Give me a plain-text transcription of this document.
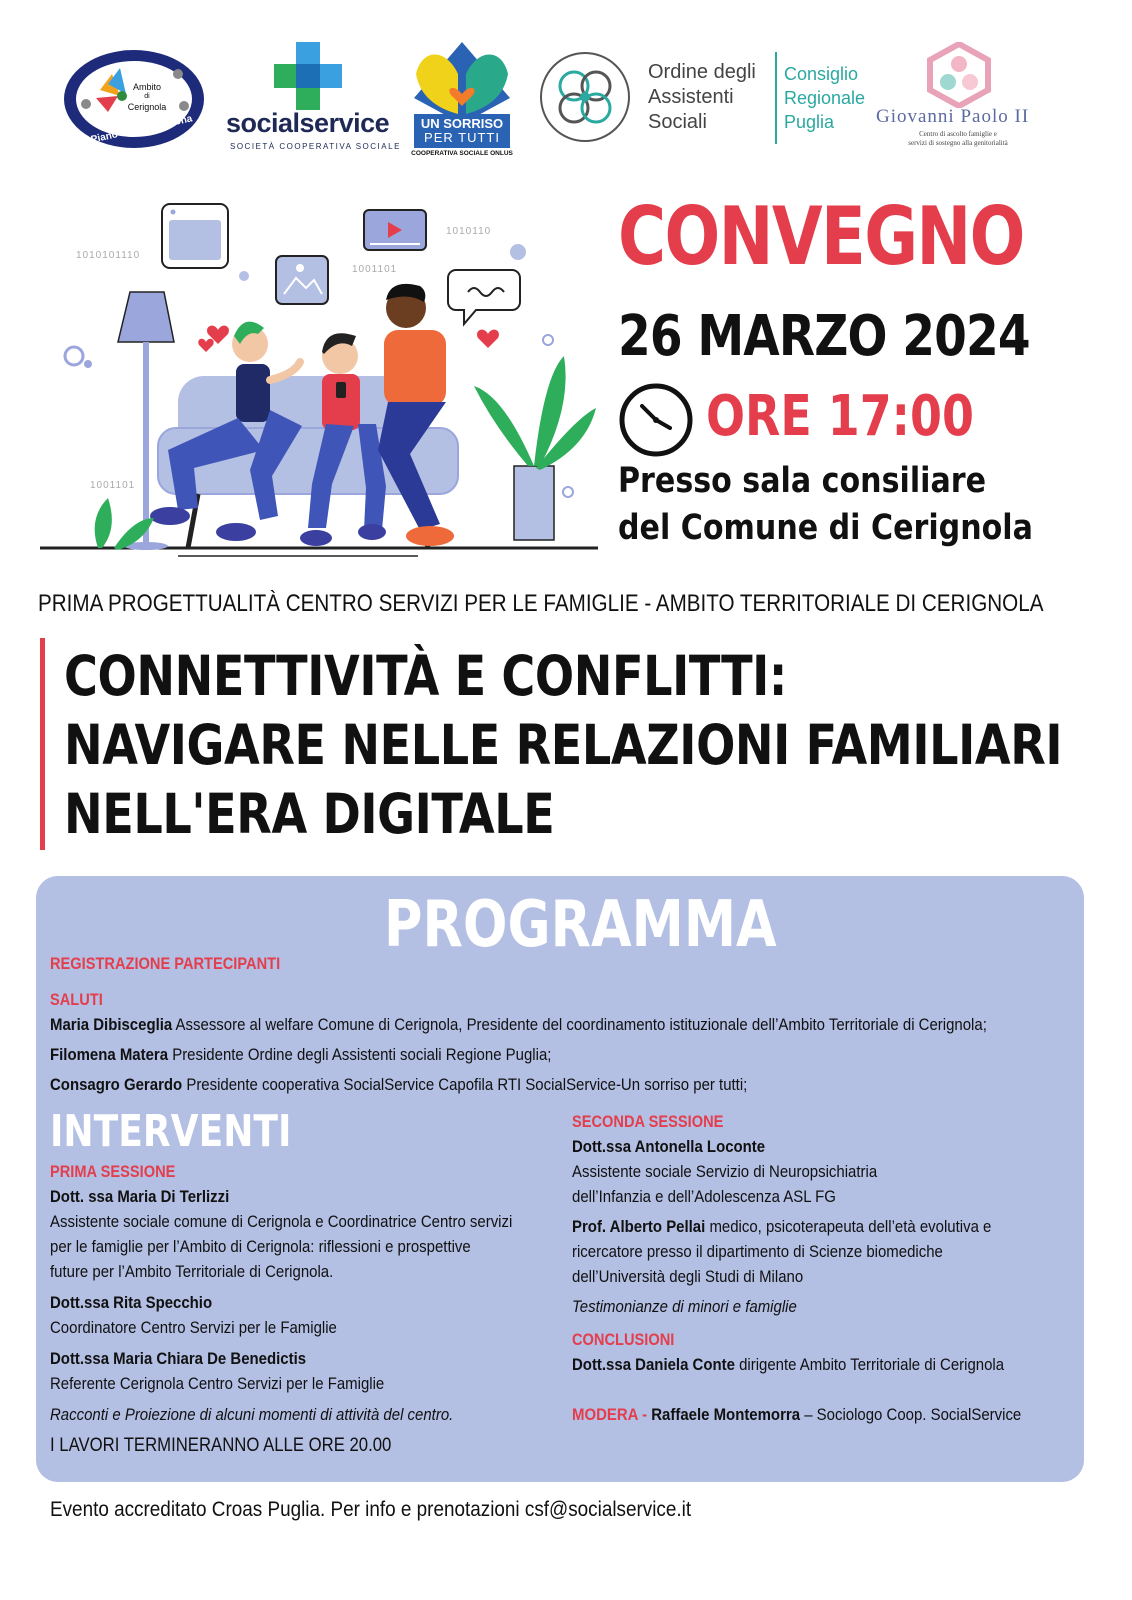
Ambito
di
Cerignola
Piano Sociale di Zona socialservice
SOCIETÀ COOPERATIVA SOCIALE
UN SORRISO
PER TUTTI
COOPERATIVA SOCIALE ONLUS
Ordine degli
Assistenti
Sociali
Consiglio
Regionale
Puglia	Giovanni Paolo II
Centro di ascolto famiglie e
servizi di sostegno alla genitorialità
1010101110
1010110
1001101
1001101
CONVEGNO
26 MARZO 2024
ORE 17:00
Presso sala consiliare
del Comune di Cerignola
PRIMA PROGETTUALITÀ CENTRO SERVIZI PER LE FAMIGLIE - AMBITO TERRITORIALE DI CERIGNOLA
CONNETTIVITÀ E CONFLITTI:
NAVIGARE NELLE RELAZIONI FAMILIARI
NELL'ERA DIGITALE
PROGRAMMA
REGISTRAZIONE PARTECIPANTI
SALUTI
Maria Dibisceglia Assessore al welfare Comune di Cerignola, Presidente del coordinamento istituzionale dell’Ambito Territoriale di Cerignola;
Filomena Matera Presidente Ordine degli Assistenti sociali Regione Puglia;
Consagro Gerardo Presidente cooperativa SocialService Capofila RTI SocialService-Un sorriso per tutti;
INTERVENTI
PRIMA SESSIONE
Dott. ssa Maria Di Terlizzi
Assistente sociale comune di Cerignola e Coordinatrice Centro servizi
per le famiglie per l’Ambito di Cerignola: riflessioni e prospettive
future per l’Ambito Territoriale di Cerignola.
Dott.ssa Rita Specchio
Coordinatore Centro Servizi per le Famiglie
Dott.ssa Maria Chiara De Benedictis
Referente Cerignola Centro Servizi per le Famiglie
Racconti e Proiezione di alcuni momenti di attività del centro.
I LAVORI TERMINERANNO ALLE ORE 20.00
SECONDA SESSIONE
Dott.ssa Antonella Loconte
Assistente sociale Servizio di Neuropsichiatria
dell’Infanzia e dell’Adolescenza ASL FG
Prof. Alberto Pellai medico, psicoterapeuta dell’età evolutiva e
ricercatore presso il dipartimento di Scienze biomediche
dell’Università degli Studi di Milano
Testimonianze di minori e famiglie
CONCLUSIONI
Dott.ssa Daniela Conte dirigente Ambito Territoriale di Cerignola
MODERA - Raffaele Montemorra – Sociologo Coop. SocialService
Evento accreditato Croas Puglia. Per info e prenotazioni csf@socialservice.it
